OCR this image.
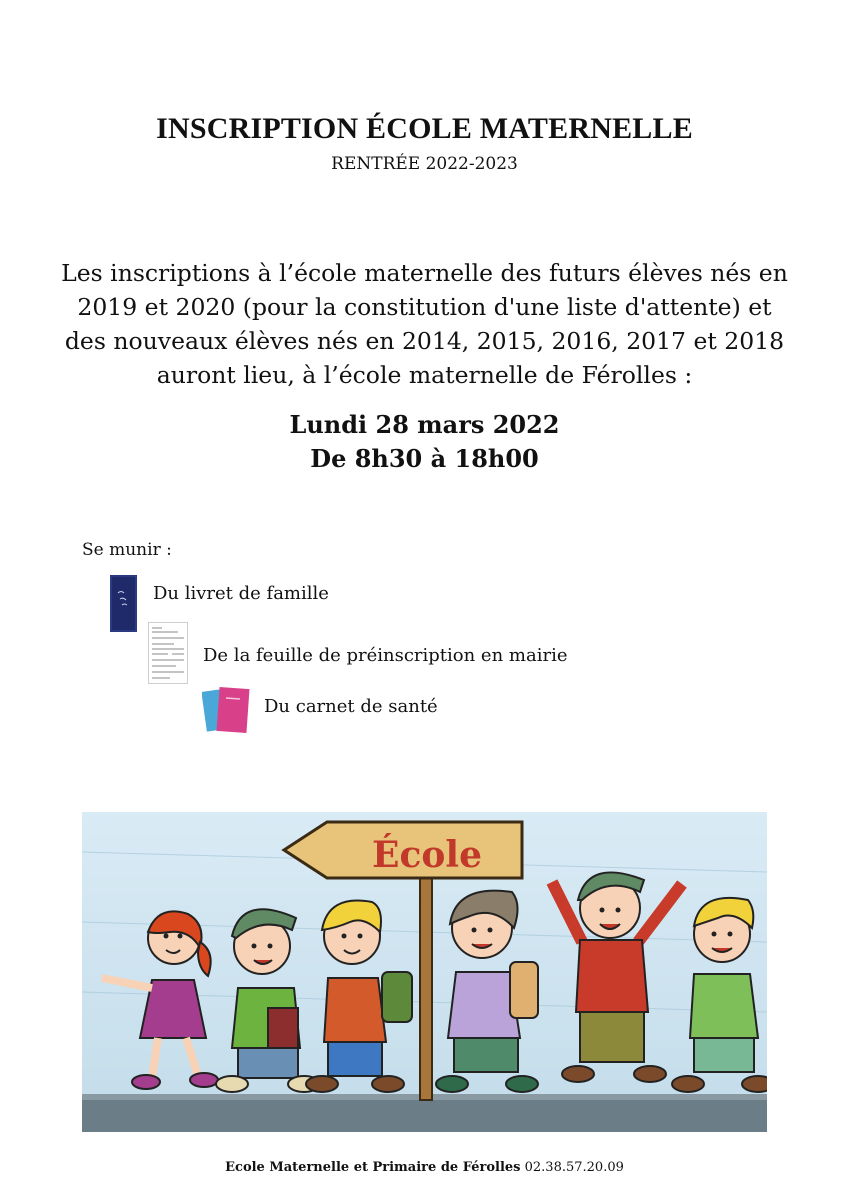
INSCRIPTION ÉCOLE MATERNELLE
RENTRÉE 2022-2023
Les inscriptions à l’école maternelle des futurs élèves nés en
2019 et 2020 (pour la constitution d'une liste d'attente) et
des nouveaux élèves nés en 2014, 2015, 2016, 2017 et 2018
auront lieu, à l’école maternelle de Férolles :
Lundi 28 mars 2022
De 8h30 à 18h00
Se munir :
Du livret de famille
De la feuille de préinscription en mairie
Du carnet de santé
École
Ecole Maternelle et Primaire de Férolles 02.38.57.20.09
